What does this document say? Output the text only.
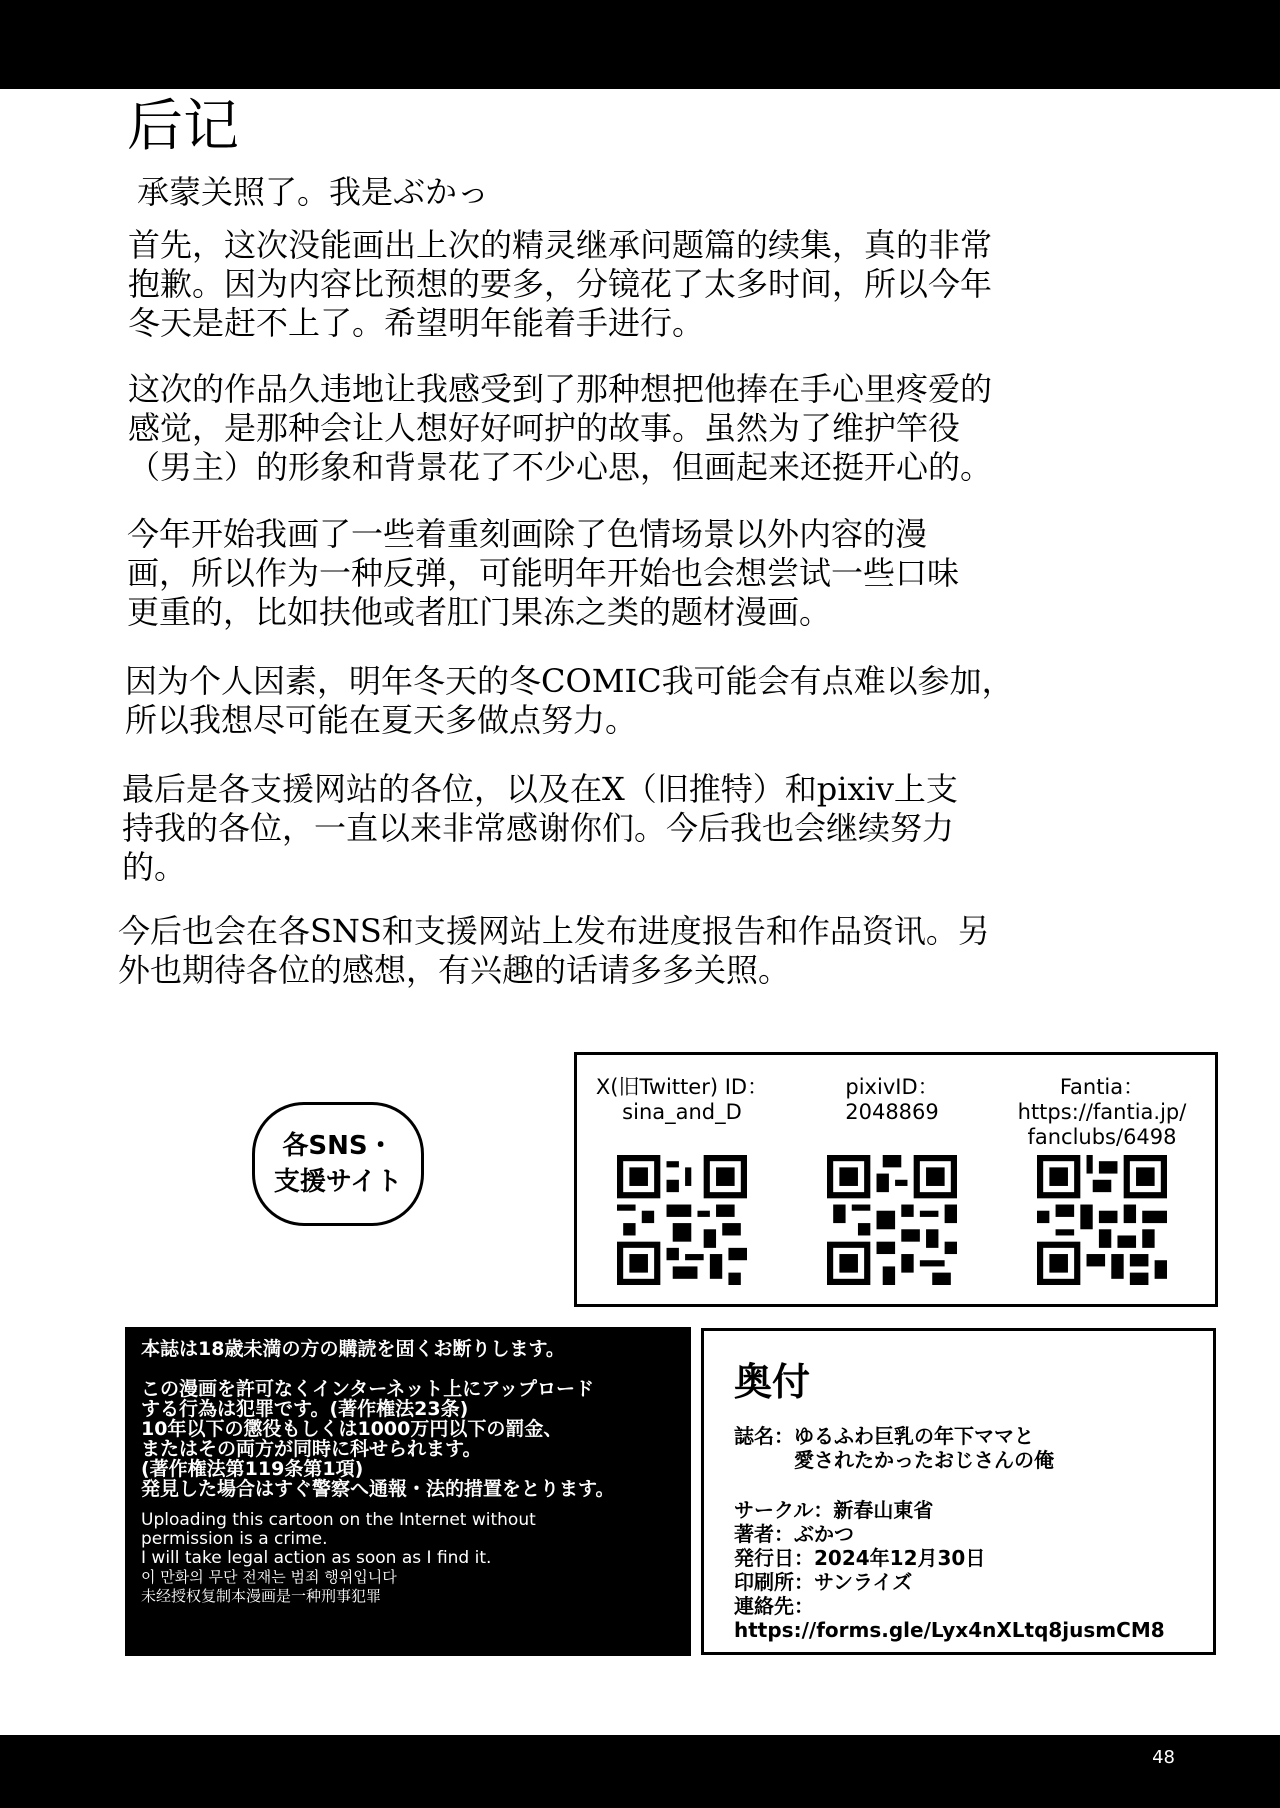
后记

承蒙关照了。我是ぶかっ

首先，这次没能画出上次的精灵继承问题篇的续集，真的非常
抱歉。因为内容比预想的要多，分镜花了太多时间，所以今年
冬天是赶不上了。希望明年能着手进行。

这次的作品久违地让我感受到了那种想把他捧在手心里疼爱的
感觉，是那种会让人想好好呵护的故事。虽然为了维护竿役
（男主）的形象和背景花了不少心思，但画起来还挺开心的。

今年开始我画了一些着重刻画除了色情场景以外内容的漫
画，所以作为一种反弹，可能明年开始也会想尝试一些口味
更重的，比如扶他或者肛门果冻之类的题材漫画。

因为个人因素，明年冬天的冬COMIC我可能会有点难以参加，
所以我想尽可能在夏天多做点努力。

最后是各支援网站的各位，以及在X（旧推特）和pixiv上支
持我的各位，一直以来非常感谢你们。今后我也会继续努力
的。

今后也会在各SNS和支援网站上发布进度报告和作品资讯。另
外也期待各位的感想，有兴趣的话请多多关照。

各SNS・
支援サイト
X(旧Twitter) ID：
sina_and_D
pixivID：
2048869
Fantia：
https://fantia.jp/
fanclubs/6498

本誌は18歳未満の方の購読を固くお断りします。

この漫画を許可なくインターネット上にアップロード
する行為は犯罪です。(著作権法23条)
10年以下の懲役もしくは1000万円以下の罰金、
またはその両方が同時に科せられます。
(著作権法第119条第1項)
発見した場合はすぐ警察へ通報・法的措置をとります。

Uploading this cartoon on the Internet without
permission is a crime.
I will take legal action as soon as I find it.

이 만화의 무단 전재는 범죄 행위입니다

未经授权复制本漫画是一种刑事犯罪

奥付
誌名：ゆるふわ巨乳の年下ママと
　　　愛されたかったおじさんの俺
サークル：新春山東省
著者：ぶかつ
発行日：2024年12月30日
印刷所：サンライズ
連絡先：https://forms.gle/Lyx4nXLtq8jusmCM8
48
